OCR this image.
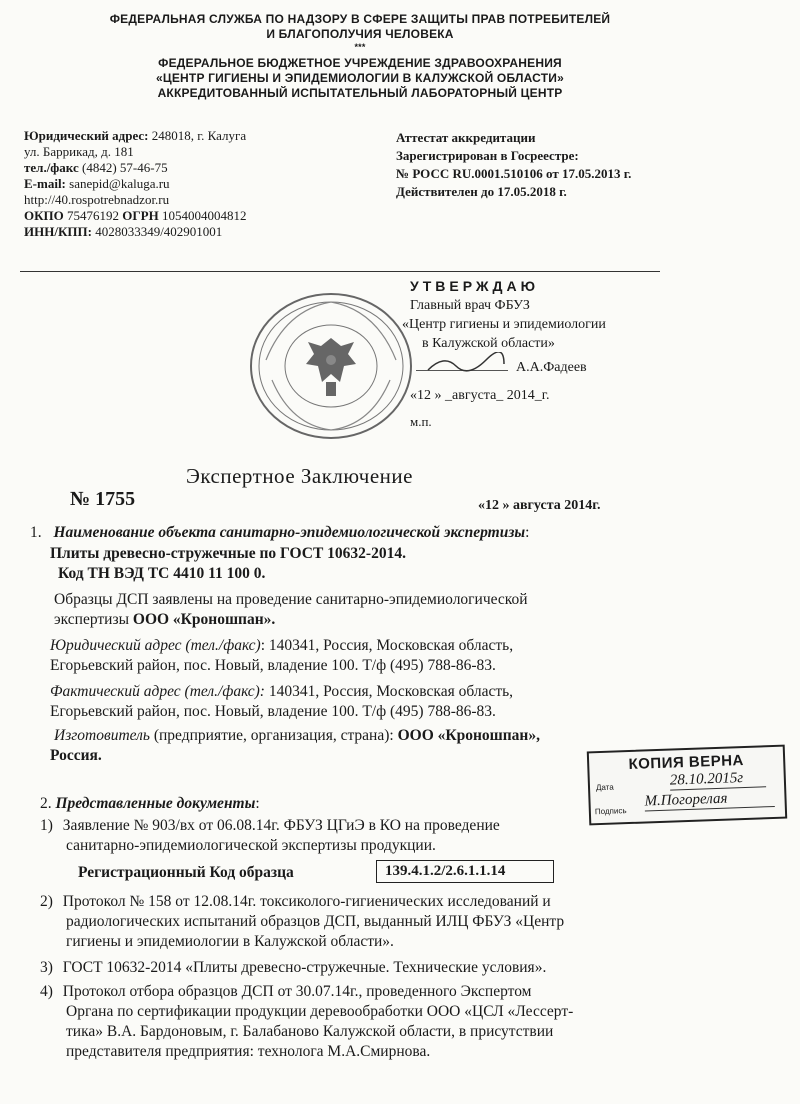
ФЕДЕРАЛЬНАЯ СЛУЖБА ПО НАДЗОРУ В СФЕРЕ ЗАЩИТЫ ПРАВ ПОТРЕБИТЕЛЕЙ
И БЛАГОПОЛУЧИЯ ЧЕЛОВЕКА
***
ФЕДЕРАЛЬНОЕ БЮДЖЕТНОЕ УЧРЕЖДЕНИЕ ЗДРАВООХРАНЕНИЯ
«ЦЕНТР ГИГИЕНЫ И ЭПИДЕМИОЛОГИИ В КАЛУЖСКОЙ ОБЛАСТИ»
АККРЕДИТОВАННЫЙ ИСПЫТАТЕЛЬНЫЙ ЛАБОРАТОРНЫЙ ЦЕНТР
Юридический адрес: 248018, г. Калуга
ул. Баррикад, д. 181
тел./факс (4842) 57-46-75
E-mail: sanepid@kaluga.ru
http://40.rospotrebnadzor.ru
ОКПО 75476192 ОГРН 1054004004812
ИНН/КПП: 4028033349/402901001
Аттестат аккредитации
Зарегистрирован в Госреестре:
№ РОСС RU.0001.510106 от 17.05.2013 г.
Действителен до 17.05.2018 г.
УТВЕРЖДАЮ
Главный врач ФБУЗ
«Центр гигиены и эпидемиологии
в Калужской области»
А.А.Фадеев
«12 » _августа_ 2014_г.
м.п.
Экспертное Заключение
№ 1755	«12 » августа 2014г.
1. Наименование объекта санитарно-эпидемиологической экспертизы:
Плиты древесно-стружечные по ГОСТ 10632-2014.
Код ТН ВЭД ТС 4410 11 100 0.
Образцы ДСП заявлены на проведение санитарно-эпидемиологической
экспертизы ООО «Кроношпан».
Юридический адрес (тел./факс): 140341, Россия, Московская область,
Егорьевский район, пос. Новый, владение 100. Т/ф (495) 788-86-83.
Фактический адрес (тел./факс): 140341, Россия, Московская область,
Егорьевский район, пос. Новый, владение 100. Т/ф (495) 788-86-83.
Изготовитель (предприятие, организация, страна): ООО «Кроношпан»,
Россия.	КОПИЯ ВЕРНА
Дата	28.10.2015г
Подпись
М.Погорелая
2. Представленные документы:
1) Заявление № 903/вх от 06.08.14г. ФБУЗ ЦГиЭ в КО на проведение
санитарно-эпидемиологической экспертизы продукции.
Регистрационный Код образца	139.4.1.2/2.6.1.1.14
2) Протокол № 158 от 12.08.14г. токсиколого-гигиенических исследований и
радиологических испытаний образцов ДСП, выданный ИЛЦ ФБУЗ «Центр
гигиены и эпидемиологии в Калужской области».
3) ГОСТ 10632-2014 «Плиты древесно-стружечные. Технические условия».
4) Протокол отбора образцов ДСП от 30.07.14г., проведенного Экспертом
Органа по сертификации продукции деревообработки ООО «ЦСЛ «Лессерт-
тика» В.А. Бардоновым, г. Балабаново Калужской области, в присутствии
представителя предприятия: технолога М.А.Смирнова.
